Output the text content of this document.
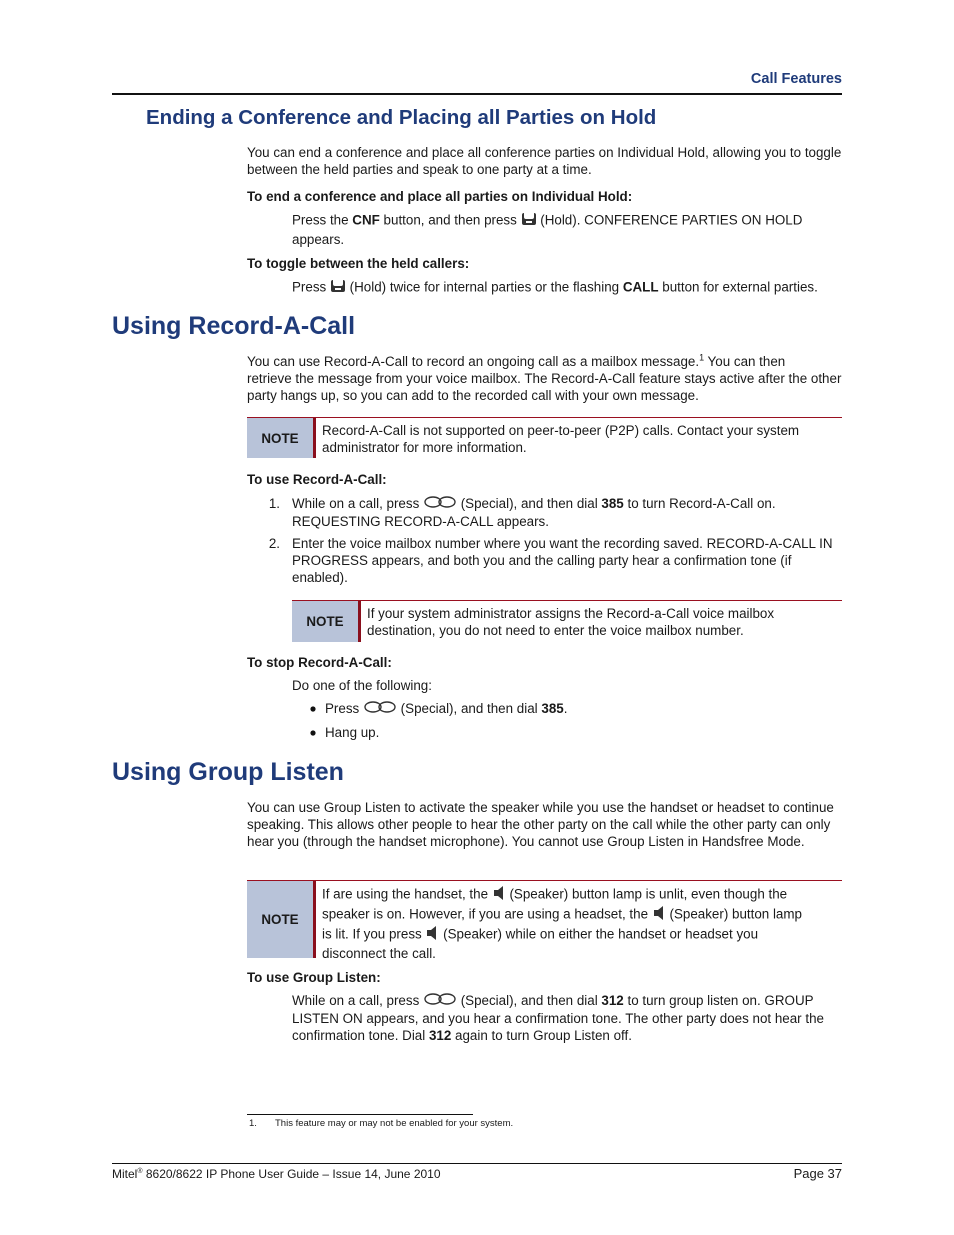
Call Features
Ending a Conference and Placing all Parties on Hold
You can end a conference and place all conference parties on Individual Hold, allowing you to toggle between the held parties and speak to one party at a time.
To end a conference and place all parties on Individual Hold:
Press the CNF button, and then press  (Hold). CONFERENCE PARTIES ON HOLD
appears.
To toggle between the held callers:
Press  (Hold) twice for internal parties or the flashing CALL button for external parties.
Using Record-A-Call
You can use Record-A-Call to record an ongoing call as a mailbox message.$^1$ You can then
retrieve the message from your voice mailbox. The Record-A-Call feature stays active after the other party hangs up, so you can add to the recorded call with your own message.
NOTE	Record-A-Call is not supported on peer-to-peer (P2P) calls. Contact your system administrator for more information.
To use Record-A-Call:
1. While on a call, press	(Special), and then dial 385 to turn Record-A-Call on.
REQUESTING RECORD-A-CALL appears.
2. Enter the voice mailbox number where you want the recording saved. RECORD-A-CALL IN PROGRESS appears, and both you and the calling party hear a confirmation tone (if enabled).
NOTE
If your system administrator assigns the Record-a-Call voice mailbox destination, you do not need to enter the voice mailbox number.
To stop Record-A-Call:
Do one of the following:
Press	(Special), and then dial 385.
Hang up.
Using Group Listen
You can use Group Listen to activate the speaker while you use the handset or headset to continue speaking. This allows other people to hear the other party on the call while the other party can only hear you (through the handset microphone). You cannot use Group Listen in Handsfree Mode.
NOTE
If are using the handset, the  (Speaker) button lamp is unlit, even though the
speaker is on. However, if you are using a headset, the  (Speaker) button lamp
is lit. If you press  (Speaker) while on either the handset or headset you
disconnect the call.
To use Group Listen:
While on a call, press	(Special), and then dial 312 to turn group listen on. GROUP LISTEN ON appears, and you hear a confirmation tone. The other party does not hear the confirmation tone. Dial 312 again to turn Group Listen off.
1. This feature may or may not be enabled for your system.
Mitel® 8620/8622 IP Phone User Guide – Issue 14, June 2010	Page 37
